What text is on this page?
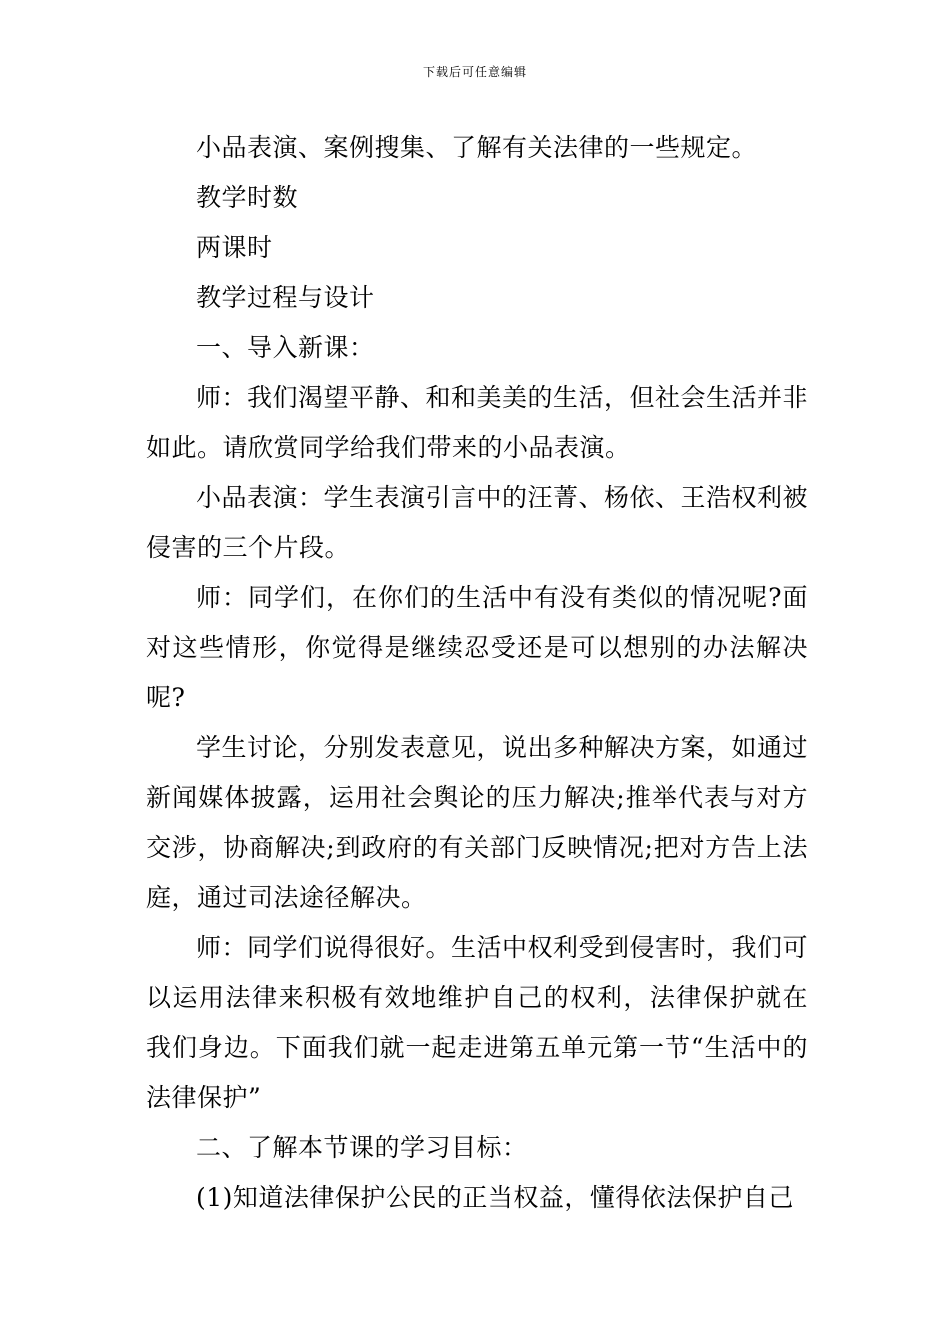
下载后可任意编辑

小品表演、案例搜集、了解有关法律的一些规定。

教学时数

两课时

教学过程与设计

一、导入新课：

师：我们渴望平静、和和美美的生活，但社会生活并非如此。请欣赏同学给我们带来的小品表演。

小品表演：学生表演引言中的汪菁、杨依、王浩权利被侵害的三个片段。

师：同学们，在你们的生活中有没有类似的情况呢?面对这些情形，你觉得是继续忍受还是可以想别的办法解决呢?

学生讨论，分别发表意见，说出多种解决方案，如通过新闻媒体披露，运用社会舆论的压力解决;推举代表与对方交涉，协商解决;到政府的有关部门反映情况;把对方告上法庭，通过司法途径解决。

师：同学们说得很好。生活中权利受到侵害时，我们可以运用法律来积极有效地维护自己的权利，法律保护就在我们身边。下面我们就一起走进第五单元第一节“生活中的法律保护”

二、了解本节课的学习目标：

(1)知道法律保护公民的正当权益，懂得依法保护自己
